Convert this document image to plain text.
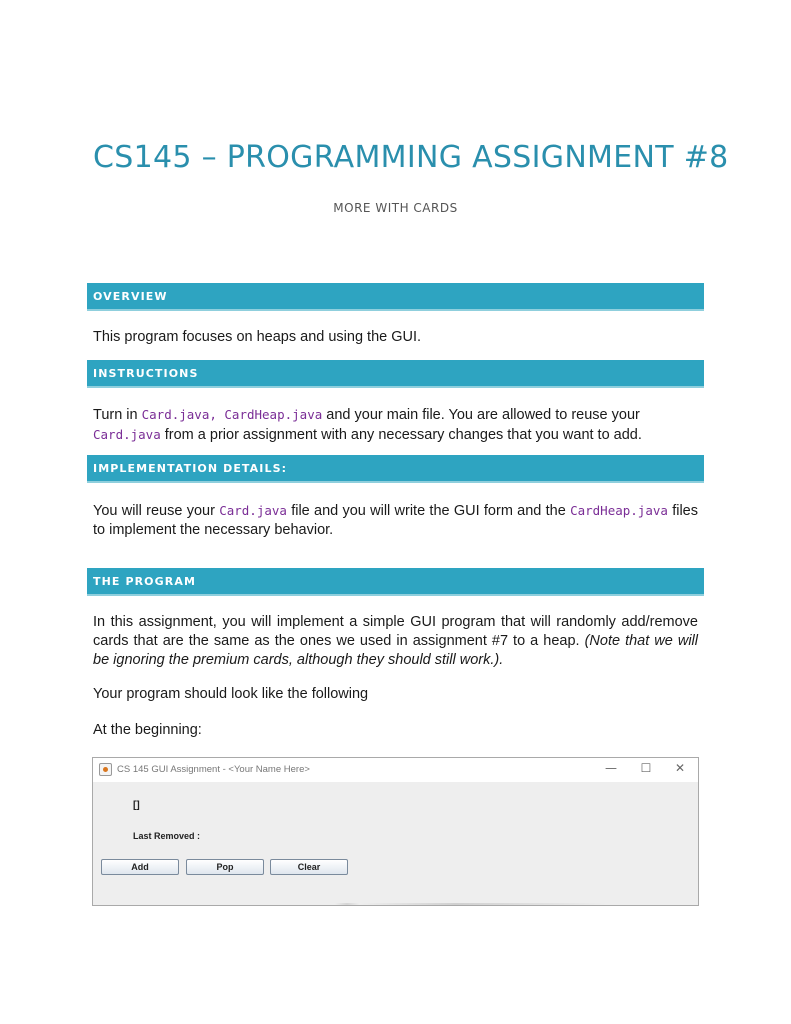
CS145 – PROGRAMMING ASSIGNMENT #8
MORE WITH CARDS
OVERVIEW

This program focuses on heaps and using the GUI.

INSTRUCTIONS

Turn in Card.java, CardHeap.java and your main file. You are allowed to reuse your Card.java from a prior assignment with any necessary changes that you want to add.

IMPLEMENTATION DETAILS:

You will reuse your Card.java file and you will write the GUI form and the CardHeap.java files to implement the necessary behavior.

THE PROGRAM

In this assignment, you will implement a simple GUI program that will randomly add/remove cards that are the same as the ones we used in assignment #7 to a heap. (Note that we will be ignoring the premium cards, although they should still work.).

Your program should look like the following

At the beginning:

CS 145 GUI Assignment - <Your Name Here>	—	☐	✕
[]
Last Removed :
Add	Pop	Clear
